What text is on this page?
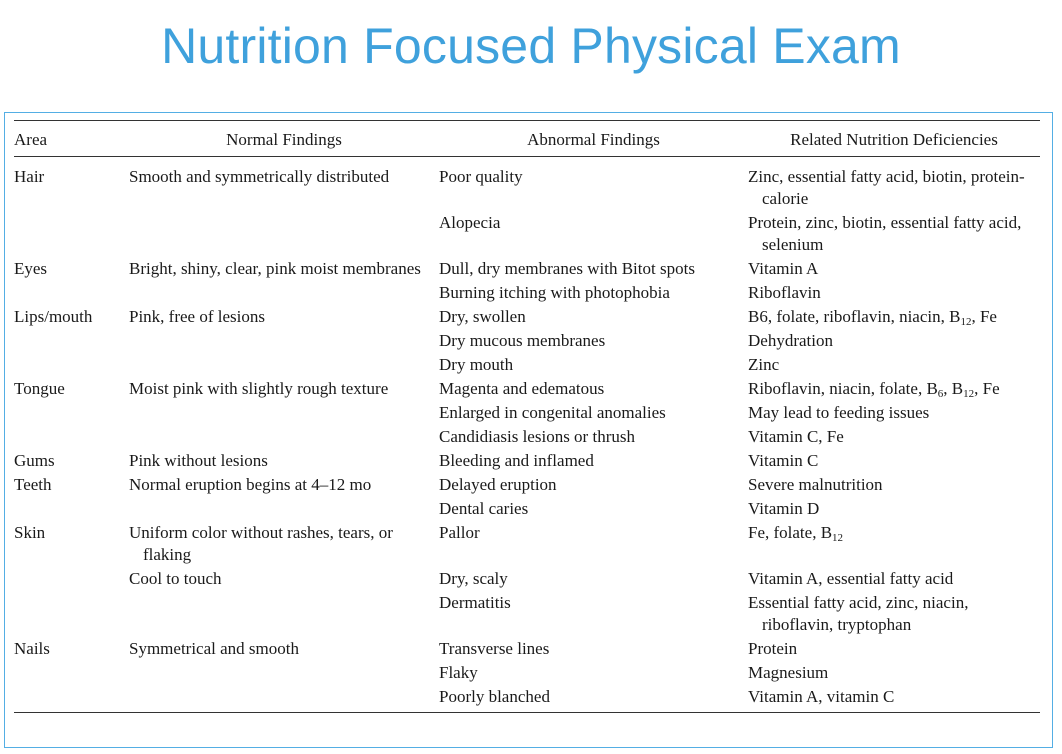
Nutrition Focused Physical Exam
Area	Normal Findings	Abnormal Findings	Related Nutrition Deficiencies

Hair	Smooth and symmetrically distributed	Poor quality	Zinc, essential fatty acid, biotin, protein-calorie

		Alopecia	Protein, zinc, biotin, essential fatty acid, selenium

Eyes	Bright, shiny, clear, pink moist membranes	Dull, dry membranes with Bitot spots	Vitamin A

		Burning itching with photophobia	Riboflavin

Lips/mouth	Pink, free of lesions	Dry, swollen	B6, folate, riboflavin, niacin, $B_{12}$, Fe

		Dry mucous membranes	Dehydration

		Dry mouth	Zinc

Tongue	Moist pink with slightly rough texture	Magenta and edematous	Riboflavin, niacin, folate, $B_6$, $B_{12}$, Fe

		Enlarged in congenital anomalies	May lead to feeding issues

		Candidiasis lesions or thrush	Vitamin C, Fe

Gums	Pink without lesions	Bleeding and inflamed	Vitamin C

Teeth	Normal eruption begins at 4–12 mo	Delayed eruption	Severe malnutrition

		Dental caries	Vitamin D

Skin	Uniform color without rashes, tears, or flaking	Pallor	Fe, folate, $B_{12}$

	Cool to touch	Dry, scaly	Vitamin A, essential fatty acid

		Dermatitis	Essential fatty acid, zinc, niacin, riboflavin, tryptophan

Nails	Symmetrical and smooth	Transverse lines	Protein

		Flaky	Magnesium

		Poorly blanched	Vitamin A, vitamin C
